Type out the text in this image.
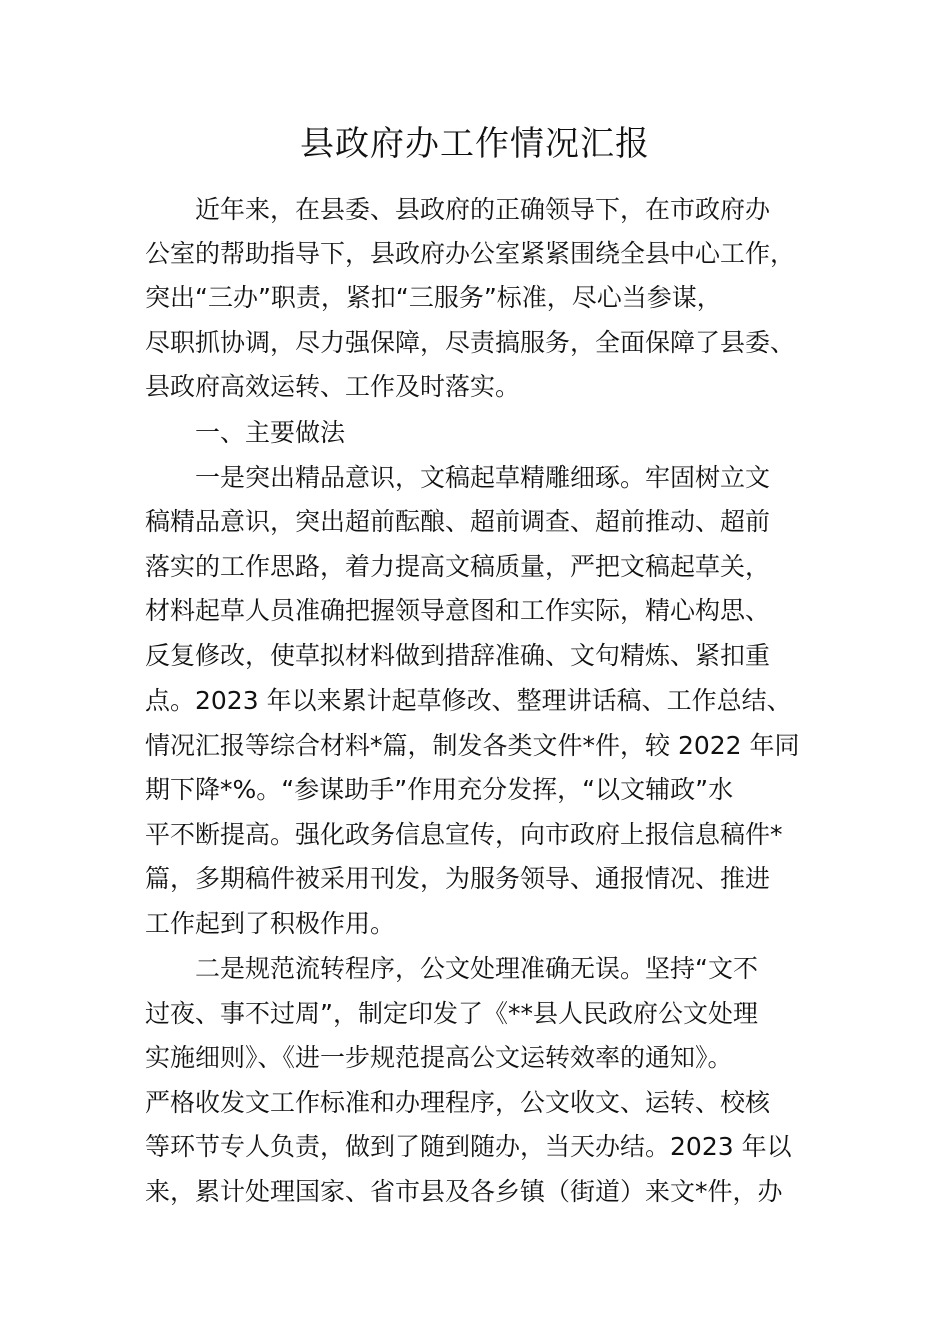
县政府办工作情况汇报

近年来，在县委、县政府的正确领导下，在市政府办

公室的帮助指导下，县政府办公室紧紧围绕全县中心工作，

突出“三办”职责，紧扣“三服务”标准，尽心当参谋，

尽职抓协调，尽力强保障，尽责搞服务，全面保障了县委、

县政府高效运转、工作及时落实。

一、主要做法

一是突出精品意识，文稿起草精雕细琢。牢固树立文

稿精品意识，突出超前酝酿、超前调查、超前推动、超前

落实的工作思路，着力提高文稿质量，严把文稿起草关，

材料起草人员准确把握领导意图和工作实际，精心构思、

反复修改，使草拟材料做到措辞准确、文句精炼、紧扣重

点。2023 年以来累计起草修改、整理讲话稿、工作总结、

情况汇报等综合材料*篇，制发各类文件*件，较 2022 年同

期下降*%。“参谋助手”作用充分发挥，“以文辅政”水

平不断提高。强化政务信息宣传，向市政府上报信息稿件*

篇，多期稿件被采用刊发，为服务领导、通报情况、推进

工作起到了积极作用。

二是规范流转程序，公文处理准确无误。坚持“文不

过夜、事不过周”，制定印发了《**县人民政府公文处理

实施细则》、《进一步规范提高公文运转效率的通知》。

严格收发文工作标准和办理程序，公文收文、运转、校核

等环节专人负责，做到了随到随办，当天办结。2023 年以

来，累计处理国家、省市县及各乡镇（街道）来文*件，办
